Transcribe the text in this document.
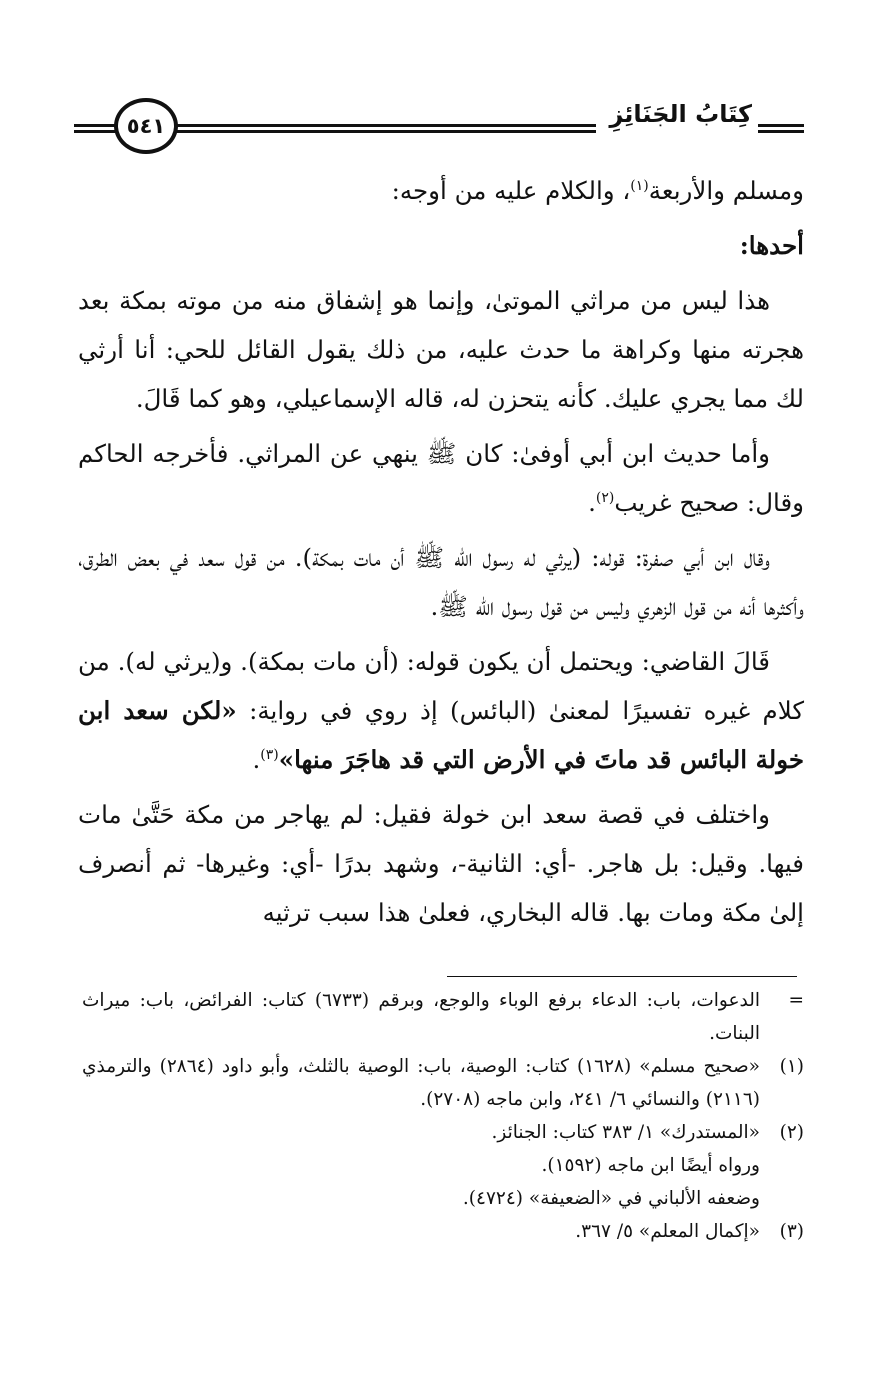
٥٤١	كِتَابُ الجَنَائِزِ

ومسلم والأربعة$^{(١)}$، والكلام عليه من أوجه:

أحدها:

هذا ليس من مراثي الموتىٰ، وإنما هو إشفاق منه من موته بمكة بعد هجرته منها وكراهة ما حدث عليه، من ذلك يقول القائل للحي: أنا أرثي لك مما يجري عليك. كأنه يتحزن له، قاله الإسماعيلي، وهو كما قَالَ.

وأما حديث ابن أبي أوفىٰ: كان ﷺ ينهي عن المراثي. فأخرجه الحاكم وقال: صحيح غريب$^{(٢)}$.

وقال ابن أبي صفرة: قوله: (يرثي له رسول الله ﷺ أن مات بمكة). من قول سعد في بعض الطرق، وأكثرها أنه من قول الزهري وليس من قول رسول الله ﷺ.

قَالَ القاضي: ويحتمل أن يكون قوله: (أن مات بمكة). و(يرثي له). من كلام غيره تفسيرًا لمعنىٰ (البائس) إذ روي في رواية: «لكن سعد ابن خولة البائس قد ماتَ في الأرض التي قد هاجَرَ منها»$^{(٣)}$.

واختلف في قصة سعد ابن خولة فقيل: لم يهاجر من مكة حَتَّىٰ مات فيها. وقيل: بل هاجر. -أي: الثانية-، وشهد بدرًا -أي: وغيرها- ثم أنصرف إلىٰ مكة ومات بها. قاله البخاري، فعلىٰ هذا سبب ترثيه

=
الدعوات، باب: الدعاء برفع الوباء والوجع، وبرقم (٦٧٣٣) كتاب: الفرائض، باب: ميراث البنات.
(١)
«صحيح مسلم» (١٦٢٨) كتاب: الوصية، باب: الوصية بالثلث، وأبو داود (٢٨٦٤) والترمذي (٢١١٦) والنسائي ٦/ ٢٤١، وابن ماجه (٢٧٠٨).
(٢)
«المستدرك» ١/ ٣٨٣ كتاب: الجنائز.
ورواه أيضًا ابن ماجه (١٥٩٢).
وضعفه الألباني في «الضعيفة» (٤٧٢٤).
(٣)
«إكمال المعلم» ٥/ ٣٦٧.
